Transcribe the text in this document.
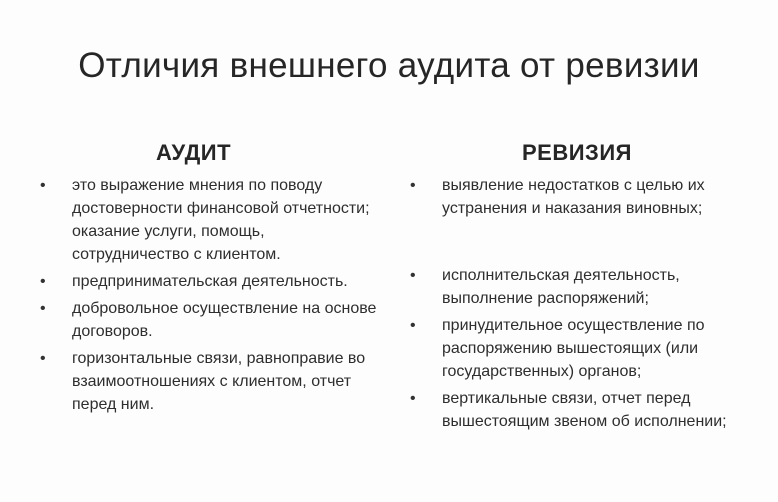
Отличия внешнего аудита от ревизии
АУДИТ
• это выражение мнения по поводу достоверности финансовой отчетности; оказание услуги, помощь, сотрудничество с клиентом.
• предпринимательская деятельность.
• добровольное осуществление на основе договоров.
• горизонтальные связи, равноправие во взаимоотношениях с клиентом, отчет перед ним.
РЕВИЗИЯ
• выявление недостатков с целью их устранения и наказания виновных;
• исполнительская деятельность, выполнение распоряжений;
• принудительное осуществление по распоряжению вышестоящих (или государственных) органов;
• вертикальные связи, отчет перед вышестоящим звеном об исполнении;
